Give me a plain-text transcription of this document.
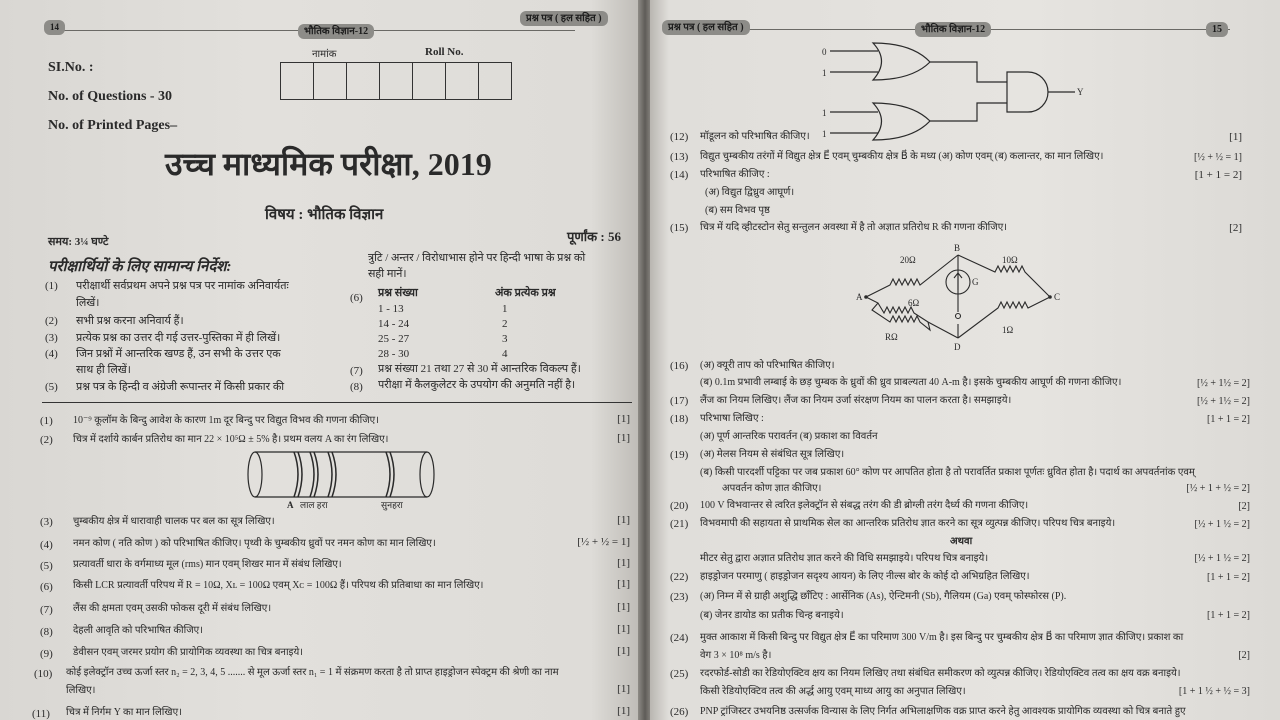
14	भौतिक विज्ञान-12
प्रश्न पत्र ( हल सहित )
SI.No. :
No. of Questions - 30
No. of Printed Pages–
नामांक	Roll No.
उच्च माध्यमिक परीक्षा, 2019
विषय : भौतिक विज्ञान
समय: 3¼ घण्टे	पूर्णांक : 56
परीक्षार्थियों के लिए सामान्य निर्देश:
(1) परीक्षार्थी सर्वप्रथम अपने प्रश्न पत्र पर नामांक अनिवार्यतः
लिखें।
(2) सभी प्रश्न करना अनिवार्य हैं।
(3) प्रत्येक प्रश्न का उत्तर दी गई उत्तर-पुस्तिका में ही लिखें।
(4) जिन प्रश्नों में आन्तरिक खण्ड हैं, उन सभी के उत्तर एक
साथ ही लिखें।
(5) प्रश्न पत्र के हिन्दी व अंग्रेजी रूपान्तर में किसी प्रकार की
त्रुटि / अन्तर / विरोधाभास होने पर हिन्दी भाषा के प्रश्न को
सही मानें।
(6) प्रश्न संख्या	अंक प्रत्येक प्रश्न
1 - 13	1
14 - 24	2
25 - 27	3
28 - 30	4
(7) प्रश्न संख्या 21 तथा 27 से 30 में आन्तरिक विकल्प हैं।
(8) परीक्षा में कैलकुलेटर के उपयोग की अनुमति नहीं है।
(1) 10⁻⁹ कूलॉम के बिन्दु आवेश के कारण 1m दूर बिन्दु पर विद्युत विभव की गणना कीजिए।	[1]
(2) चित्र में दर्शाये कार्बन प्रतिरोध का मान 22 × 10⁵Ω ± 5% है। प्रथम वलय A का रंग लिखिए।	[1]
(3) चुम्बकीय क्षेत्र में धारावाही चालक पर बल का सूत्र लिखिए।	[1]
(4) नमन कोण ( नति कोण ) को परिभाषित कीजिए। पृथ्वी के चुम्बकीय ध्रुवों पर नमन कोण का मान लिखिए।	[½ + ½ = 1]
(5) प्रत्यावर्ती धारा के वर्गमाध्य मूल (rms) मान एवम् शिखर मान में संबंध लिखिए।	[1]
(6) किसी LCR प्रत्यावर्ती परिपथ में R = 10Ω, Xʟ = 100Ω एवम् Xᴄ = 100Ω हैं। परिपथ की प्रतिबाधा का मान लिखिए।	[1]
(7) लैंस की क्षमता एवम् उसकी फोकस दूरी में संबंध लिखिए।	[1]
(8) देहली आवृति को परिभाषित कीजिए।	[1]
(9) डेवीसन एवम् जरमर प्रयोग की प्रायोगिक व्यवस्था का चित्र बनाइये।	[1]
(10) कोई इलेक्ट्रॉन उच्च ऊर्जा स्तर n₂ = 2, 3, 4, 5 ....... से मूल ऊर्जा स्तर n₁ = 1 में संक्रमण करता है तो प्राप्त हाइड्रोजन स्पेक्ट्रम की श्रेणी का नाम
लिखिए।	[1]
(11) चित्र में निर्गम Y का मान लिखिए।	[1]
A लाल हरा	सुनहरा
प्रश्न पत्र ( हल सहित )	भौतिक विज्ञान-12	15
0
1
1
1
Y
A
B
C
D
G
20Ω	10Ω
6Ω
RΩ
1Ω
(12) मॉडूलन को परिभाषित कीजिए।	[1]
(13) विद्युत चुम्बकीय तरंगों में विद्युत क्षेत्र E⃗ एवम् चुम्बकीय क्षेत्र B⃗ के मध्य (अ) कोण एवम् (ब) कलान्तर, का मान लिखिए।	[½ + ½ = 1]
(14) परिभाषित कीजिए :	[1 + 1 = 2]
(अ) विद्युत द्विध्रुव आघूर्ण।
(ब) सम विभव पृष्ठ
(15) चित्र में यदि व्हीटस्टोन सेतु सन्तुलन अवस्था में है तो अज्ञात प्रतिरोध R की गणना कीजिए।	[2]
(16) (अ) क्यूरी ताप को परिभाषित कीजिए।
(ब) 0.1m प्रभावी लम्बाई के छड़ चुम्बक के ध्रुवों की ध्रुव प्राबल्यता 40 A-m है। इसके चुम्बकीय आघूर्ण की गणना कीजिए।	[½ + 1½ = 2]
(17) लैंज का नियम लिखिए। लैंज का नियम उर्जा संरक्षण नियम का पालन करता है। समझाइये।	[½ + 1½ = 2]
(18) परिभाषा लिखिए :
(अ) पूर्ण आन्तरिक परावर्तन (ब) प्रकाश का विवर्तन
[1 + 1 = 2]
(19) (अ) मेलस नियम से संबंधित सूत्र लिखिए।
(ब) किसी पारदर्शी पट्टिका पर जब प्रकाश 60° कोण पर आपतित होता है तो परावर्तित प्रकाश पूर्णतः ध्रुवित होता है। पदार्थ का अपवर्तनांक एवम्
अपवर्तन कोण ज्ञात कीजिए।	[½ + 1 + ½ = 2]
(20) 100 V विभवान्तर से त्वरित इलेक्ट्रॉन से संबद्ध तरंग की डी ब्रोग्ली तरंग दैर्ध्य की गणना कीजिए।	[2]
(21) विभवमापी की सहायता से प्राथमिक सेल का आन्तरिक प्रतिरोध ज्ञात करने का सूत्र व्युत्पन्न कीजिए। परिपथ चित्र बनाइये।	[½ + 1 ½ = 2]
अथवा
मीटर सेतु द्वारा अज्ञात प्रतिरोध ज्ञात करने की विधि समझाइये। परिपथ चित्र बनाइये।	[½ + 1 ½ = 2]
(22) हाइड्रोजन परमाणु ( हाइड्रोजन सदृश्य आयन) के लिए नील्स बोर के कोई दो अभिग्रहित लिखिए।	[1 + 1 = 2]
(23) (अ) निम्न में से ग्राही अशुद्धि छाँटिए : आर्सेनिक (As), ऐन्टिमनी (Sb), गैलियम (Ga) एवम् फोस्फोरस (P).
(ब) जेनर डायोड का प्रतीक चिन्ह बनाइये।	[1 + 1 = 2]
(24) मुक्त आकाश में किसी बिन्दु पर विद्युत क्षेत्र E⃗ का परिमाण 300 V/m है। इस बिन्दु पर चुम्बकीय क्षेत्र B⃗ का परिमाण ज्ञात कीजिए। प्रकाश का
वेग 3 × 10⁸ m/s है।	[2]
(25) रदरफोर्ड-सोडी का रेडियोएक्टिव क्षय का नियम लिखिए तथा संबंधित समीकरण को व्युत्पन्न कीजिए। रेडियोएक्टिव तत्व का क्षय वक्र बनाइये।
किसी रेडियोएक्टिव तत्व की अर्द्ध आयु एवम् माध्य आयु का अनुपात लिखिए।	[1 + 1 ½ + ½ = 3]
(26) PNP ट्रांजिस्टर उभयनिष्ठ उत्सर्जक विन्यास के लिए निर्गत अभिलाक्षणिक वक्र प्राप्त करने हेतु आवश्यक प्रायोगिक व्यवस्था को चित्र बनाते हुए
